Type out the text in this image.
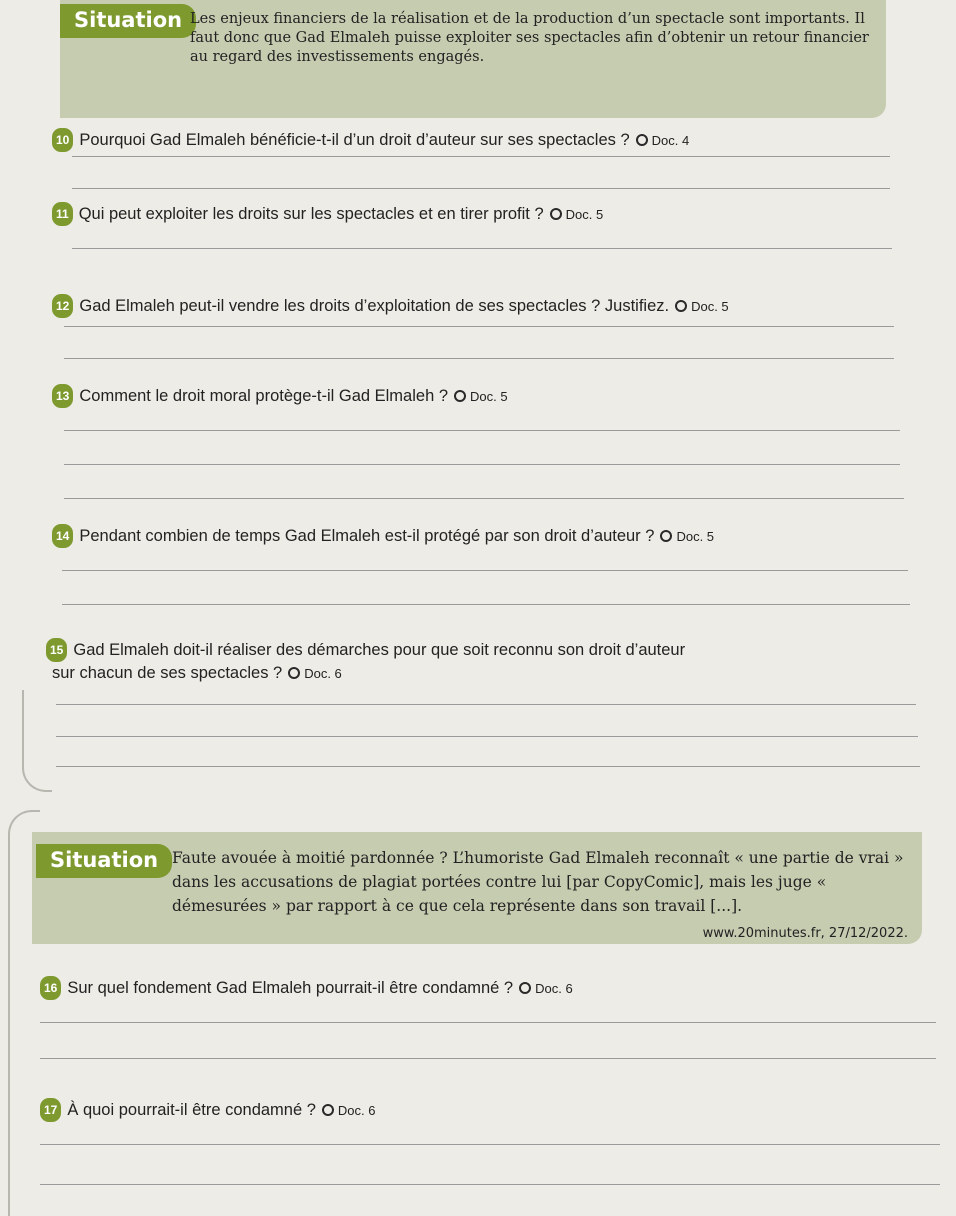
Situation Les enjeux financiers de la réalisation et de la production d’un spectacle sont importants. Il faut donc que Gad Elmaleh puisse exploiter ses spectacles afin d’obtenir un retour financier au regard des investissements engagés.
10 Pourquoi Gad Elmaleh bénéficie-t-il d’un droit d’auteur sur ses spectacles ? Doc. 4
11 Qui peut exploiter les droits sur les spectacles et en tirer profit ? Doc. 5
12 Gad Elmaleh peut-il vendre les droits d’exploitation de ses spectacles ? Justifiez. Doc. 5
13 Comment le droit moral protège-t-il Gad Elmaleh ? Doc. 5
14 Pendant combien de temps Gad Elmaleh est-il protégé par son droit d’auteur ? Doc. 5
15 Gad Elmaleh doit-il réaliser des démarches pour que soit reconnu son droit d’auteur
sur chacun de ses spectacles ? Doc. 6
Situation Faute avouée à moitié pardonnée ? L’humoriste Gad Elmaleh reconnaît « une partie de vrai » dans les accusations de plagiat portées contre lui [par CopyComic], mais les juge « démesurées » par rapport à ce que cela représente dans son travail [...].
www.20minutes.fr, 27/12/2022.
16 Sur quel fondement Gad Elmaleh pourrait-il être condamné ? Doc. 6
17 À quoi pourrait-il être condamné ? Doc. 6
